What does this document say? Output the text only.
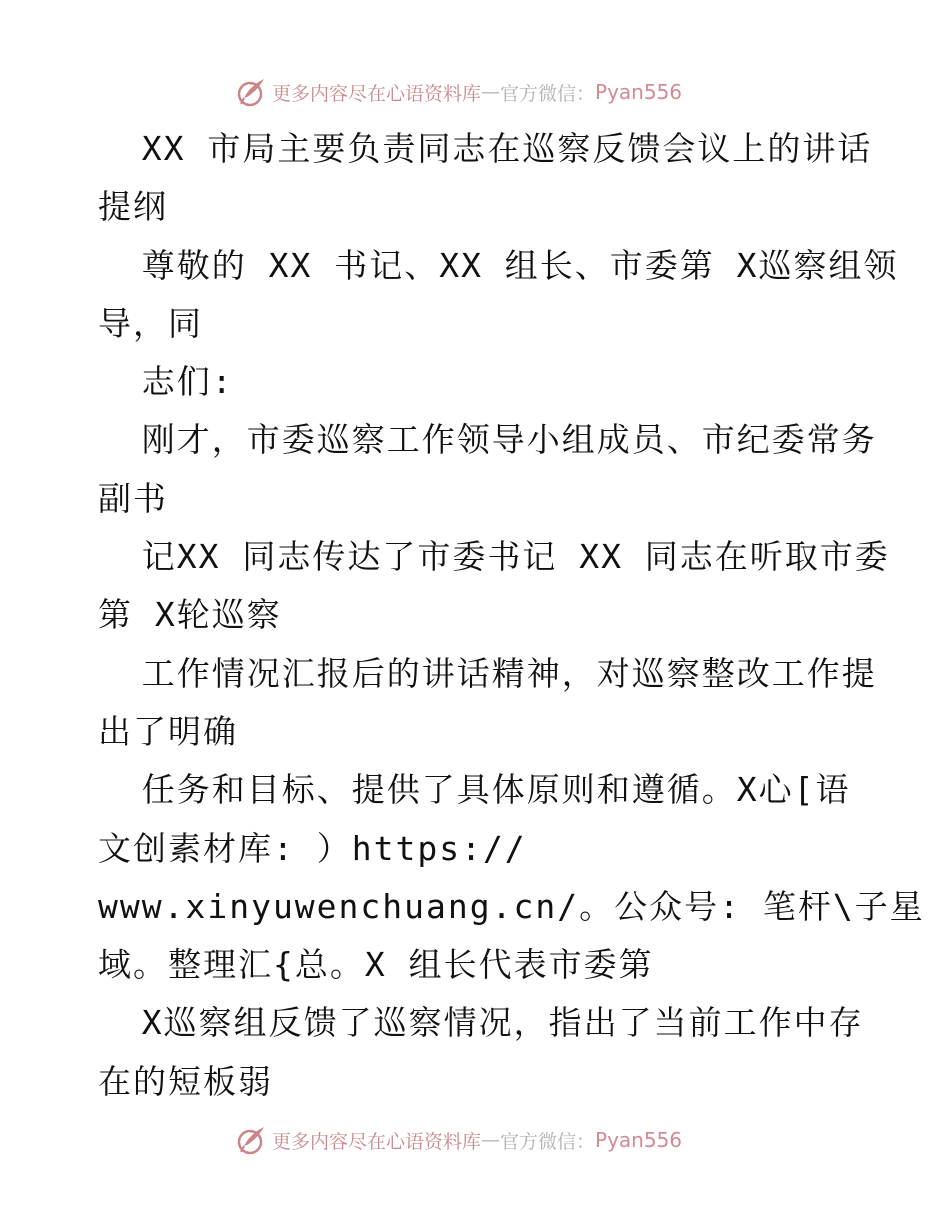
更多内容尽在心语资料库 — 官方微信： Pyan556
XX 市局主要负责同志在巡察反馈会议上的讲话
提纲
尊敬的 XX 书记、XX 组长、市委第 X巡察组领
导，同
志们:
刚才，市委巡察工作领导小组成员、市纪委常务
副书
记XX 同志传达了市委书记 XX 同志在听取市委
第 X轮巡察
工作情况汇报后的讲话精神，对巡察整改工作提
出了明确
任务和目标、提供了具体原则和遵循。X心[语
文创素材库: ）https://
www.xinyuwenchuang.cn/。公众号: 笔杆\子星
域。整理汇{总。X 组长代表市委第
X巡察组反馈了巡察情况，指出了当前工作中存
在的短板弱
更多内容尽在心语资料库 — 官方微信： Pyan556
